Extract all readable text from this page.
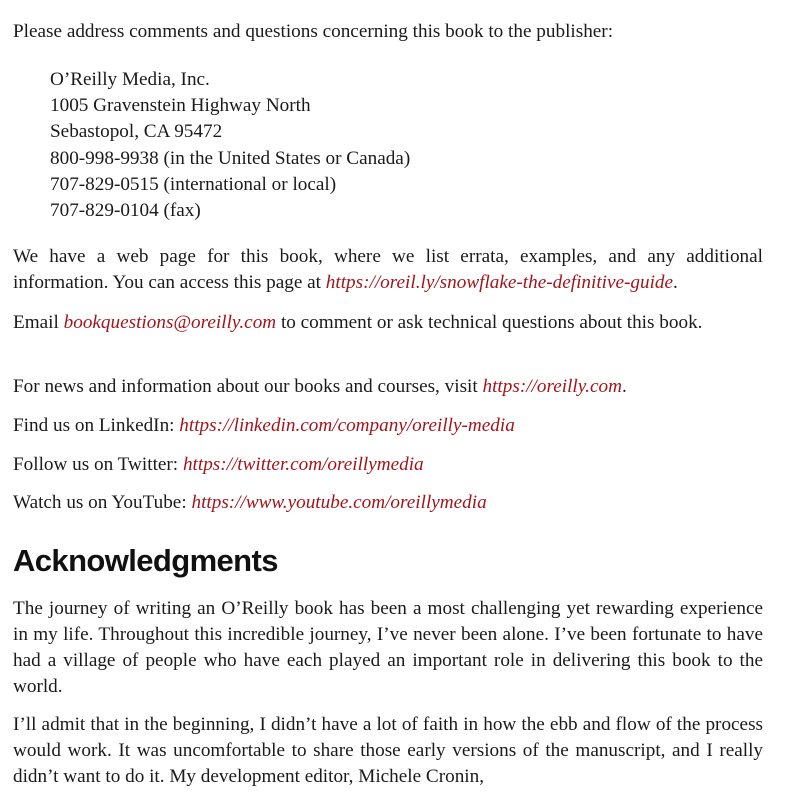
Please address comments and questions concerning this book to the publisher:

O’Reilly Media, Inc.
1005 Gravenstein Highway North
Sebastopol, CA 95472
800-998-9938 (in the United States or Canada)
707-829-0515 (international or local)
707-829-0104 (fax)

We have a web page for this book, where we list errata, examples, and any additional information. You can access this page at https://oreil.ly/snowflake-the-definitive-guide.

Email bookquestions@oreilly.com to comment or ask technical questions about this book.

For news and information about our books and courses, visit https://oreilly.com.

Find us on LinkedIn: https://linkedin.com/company/oreilly-media

Follow us on Twitter: https://twitter.com/oreillymedia

Watch us on YouTube: https://www.youtube.com/oreillymedia

Acknowledgments

The journey of writing an O’Reilly book has been a most challenging yet rewarding experience in my life. Throughout this incredible journey, I’ve never been alone. I’ve been fortunate to have had a village of people who have each played an important role in delivering this book to the world.

I’ll admit that in the beginning, I didn’t have a lot of faith in how the ebb and flow of the process would work. It was uncomfortable to share those early versions of the manuscript, and I really didn’t want to do it. My development editor, Michele Cronin,
